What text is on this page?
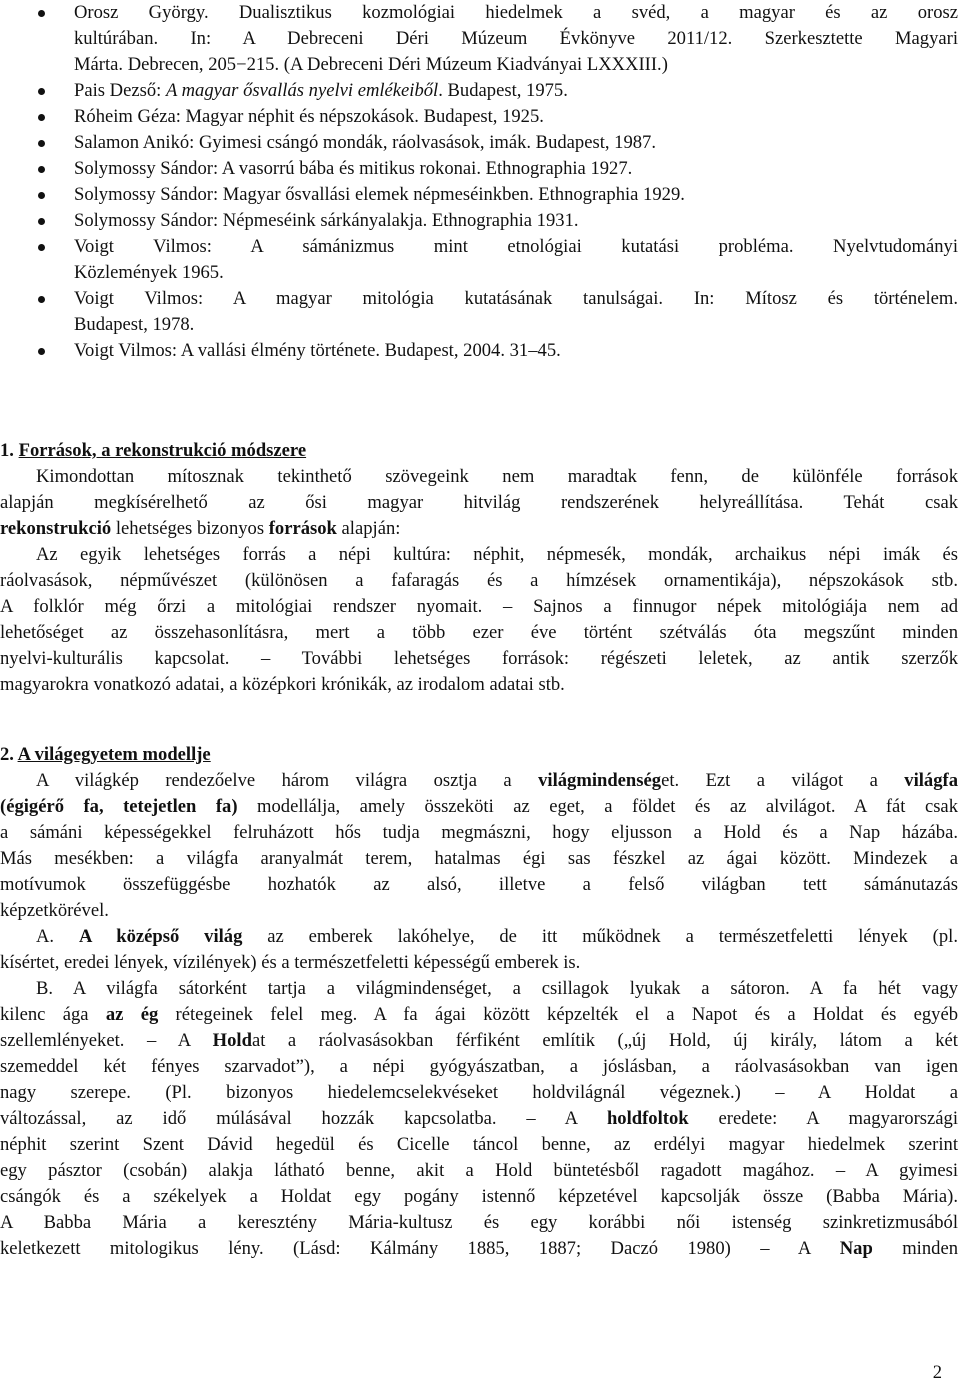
Orosz György. Dualisztikus kozmológiai hiedelmek a svéd, a magyar és az orosz
kultúrában. In: A Debreceni Déri Múzeum Évkönyve 2011/12. Szerkesztette Magyari
Márta. Debrecen, 205−215. (A Debreceni Déri Múzeum Kiadványai LXXXIII.)
Pais Dezső: A magyar ősvallás nyelvi emlékeiből. Budapest, 1975.
Róheim Géza: Magyar néphit és népszokások. Budapest, 1925.
Salamon Anikó: Gyimesi csángó mondák, ráolvasások, imák. Budapest, 1987.
Solymossy Sándor: A vasorrú bába és mitikus rokonai. Ethnographia 1927.
Solymossy Sándor: Magyar ősvallási elemek népmeséinkben. Ethnographia 1929.
Solymossy Sándor: Népmeséink sárkányalakja. Ethnographia 1931.
Voigt Vilmos: A sámánizmus mint etnológiai kutatási probléma. Nyelvtudományi
Közlemények 1965.
Voigt Vilmos: A magyar mitológia kutatásának tanulságai. In: Mítosz és történelem.
Budapest, 1978.
Voigt Vilmos: A vallási élmény története. Budapest, 2004. 31–45.
1. Források, a rekonstrukció módszere
Kimondottan mítosznak tekinthető szövegeink nem maradtak fenn, de különféle források
alapján megkísérelhető az ősi magyar hitvilág rendszerének helyreállítása. Tehát csak
rekonstrukció lehetséges bizonyos források alapján:
Az egyik lehetséges forrás a népi kultúra: néphit, népmesék, mondák, archaikus népi imák és
ráolvasások, népművészet (különösen a fafaragás és a hímzések ornamentikája), népszokások stb.
A folklór még őrzi a mitológiai rendszer nyomait. – Sajnos a finnugor népek mitológiája nem ad
lehetőséget az összehasonlításra, mert a több ezer éve történt szétválás óta megszűnt minden
nyelvi-kulturális kapcsolat. – További lehetséges források: régészeti leletek, az antik szerzők
magyarokra vonatkozó adatai, a középkori krónikák, az irodalom adatai stb.
2. A világegyetem modellje
A világkép rendezőelve három világra osztja a világmindenséget. Ezt a világot a világfa
(égigérő fa, tetejetlen fa) modellálja, amely összeköti az eget, a földet és az alvilágot. A fát csak
a sámáni képességekkel felruházott hős tudja megmászni, hogy eljusson a Hold és a Nap házába.
Más mesékben: a világfa aranyalmát terem, hatalmas égi sas fészkel az ágai között. Mindezek a
motívumok összefüggésbe hozhatók az alsó, illetve a felső világban tett sámánutazás
képzetkörével.
A. A középső világ az emberek lakóhelye, de itt működnek a természetfeletti lények (pl.
kísértet, eredei lények, vízilények) és a természetfeletti képességű emberek is.
B. A világfa sátorként tartja a világmindenséget, a csillagok lyukak a sátoron. A fa hét vagy
kilenc ága az ég rétegeinek felel meg. A fa ágai között képzelték el a Napot és a Holdat és egyéb
szellemlényeket. – A Holdat a ráolvasásokban férfiként említik („új Hold, új király, látom a két
szemeddel két fényes szarvadot”), a népi gyógyászatban, a jóslásban, a ráolvasásokban van igen
nagy szerepe. (Pl. bizonyos hiedelemcselekvéseket holdvilágnál végeznek.) – A Holdat a
változással, az idő múlásával hozzák kapcsolatba. – A holdfoltok eredete: A magyarországi
néphit szerint Szent Dávid hegedül és Cicelle táncol benne, az erdélyi magyar hiedelmek szerint
egy pásztor (csobán) alakja látható benne, akit a Hold büntetésből ragadott magához. – A gyimesi
csángók és a székelyek a Holdat egy pogány istennő képzetével kapcsolják össze (Babba Mária).
A Babba Mária a keresztény Mária-kultusz és egy korábbi női istenség szinkretizmusából
keletkezett mitologikus lény. (Lásd: Kálmány 1885, 1887; Daczó 1980) – A Nap minden
2
